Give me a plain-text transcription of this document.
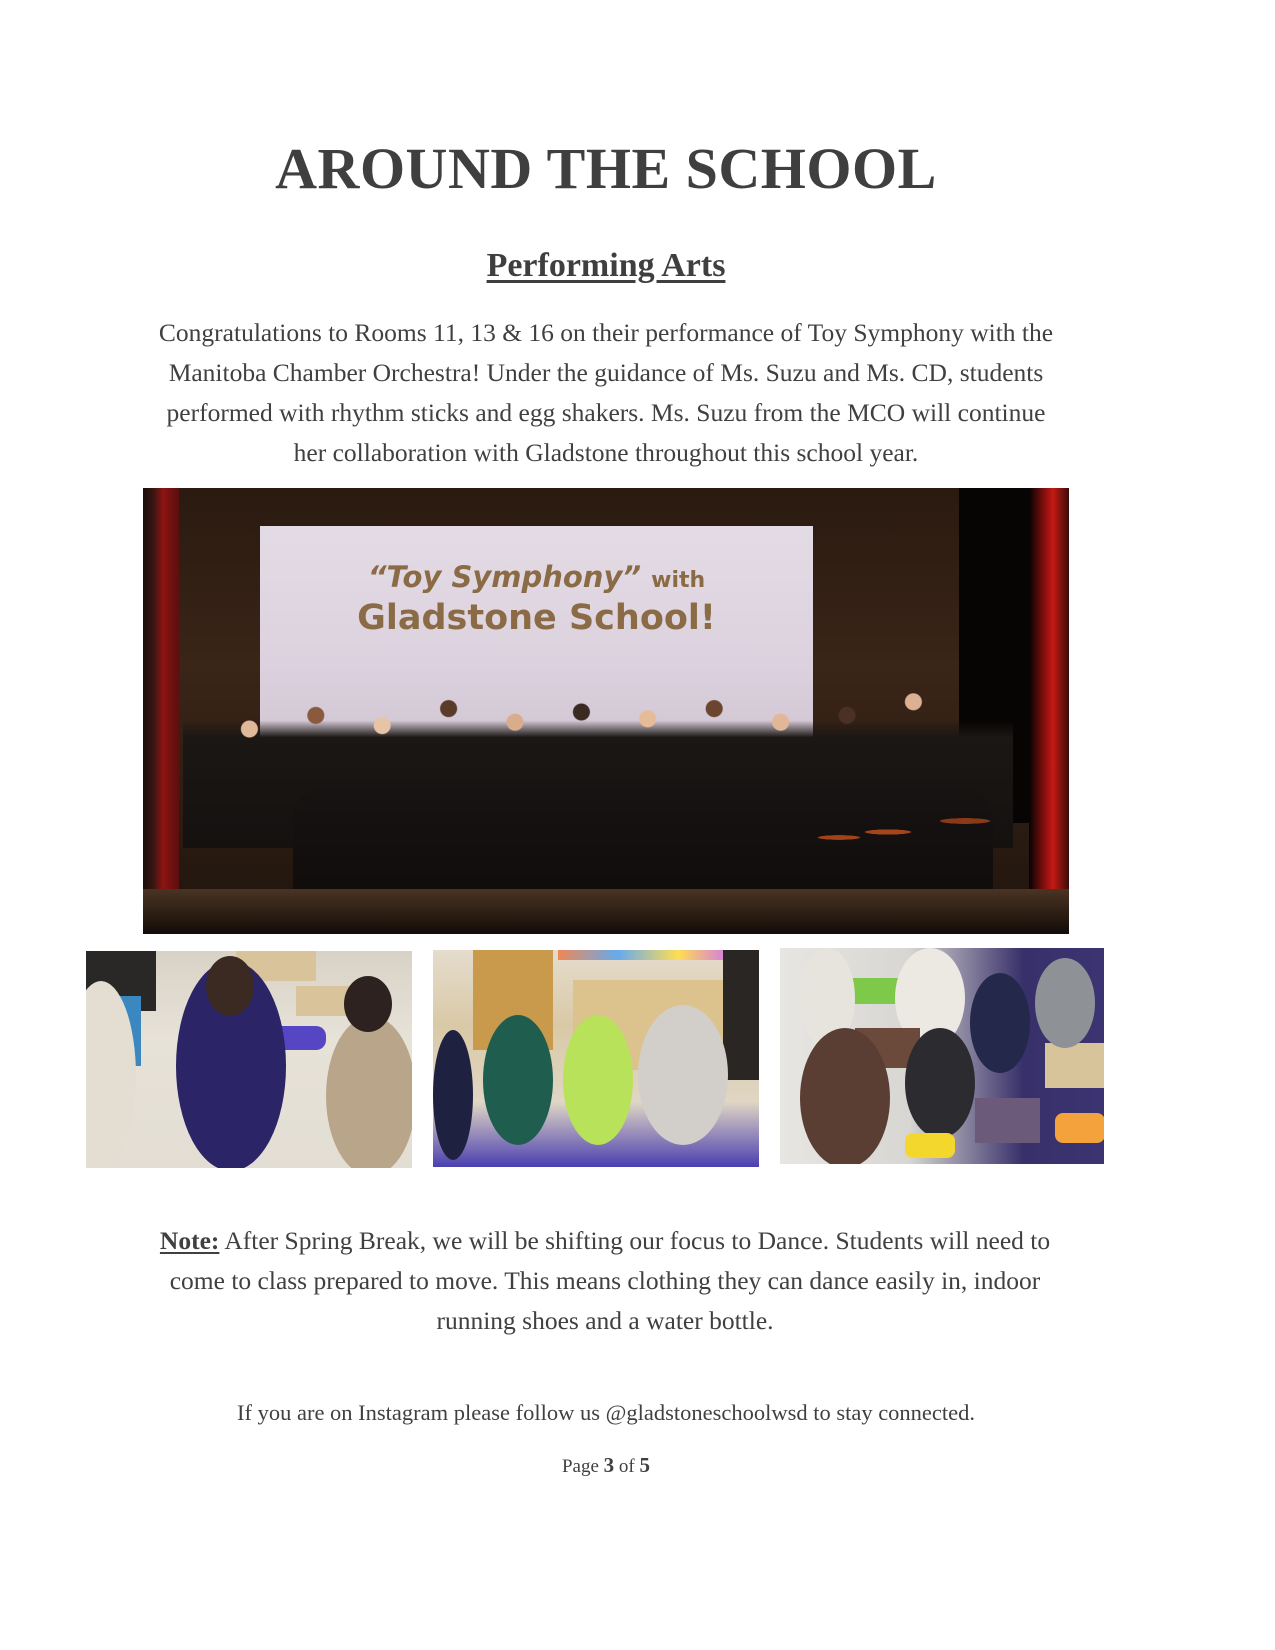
AROUND THE SCHOOL
Performing Arts

Congratulations to Rooms 11, 13 & 16 on their performance of Toy Symphony with the Manitoba Chamber Orchestra! Under the guidance of Ms. Suzu and Ms. CD, students performed with rhythm sticks and egg shakers. Ms. Suzu from the MCO will continue her collaboration with Gladstone throughout this school year.

“Toy Symphony” with
Gladstone School!

Note: After Spring Break, we will be shifting our focus to Dance. Students will need to come to class prepared to move. This means clothing they can dance easily in, indoor running shoes and a water bottle.

If you are on Instagram please follow us @gladstoneschoolwsd to stay connected.

Page 3 of 5
